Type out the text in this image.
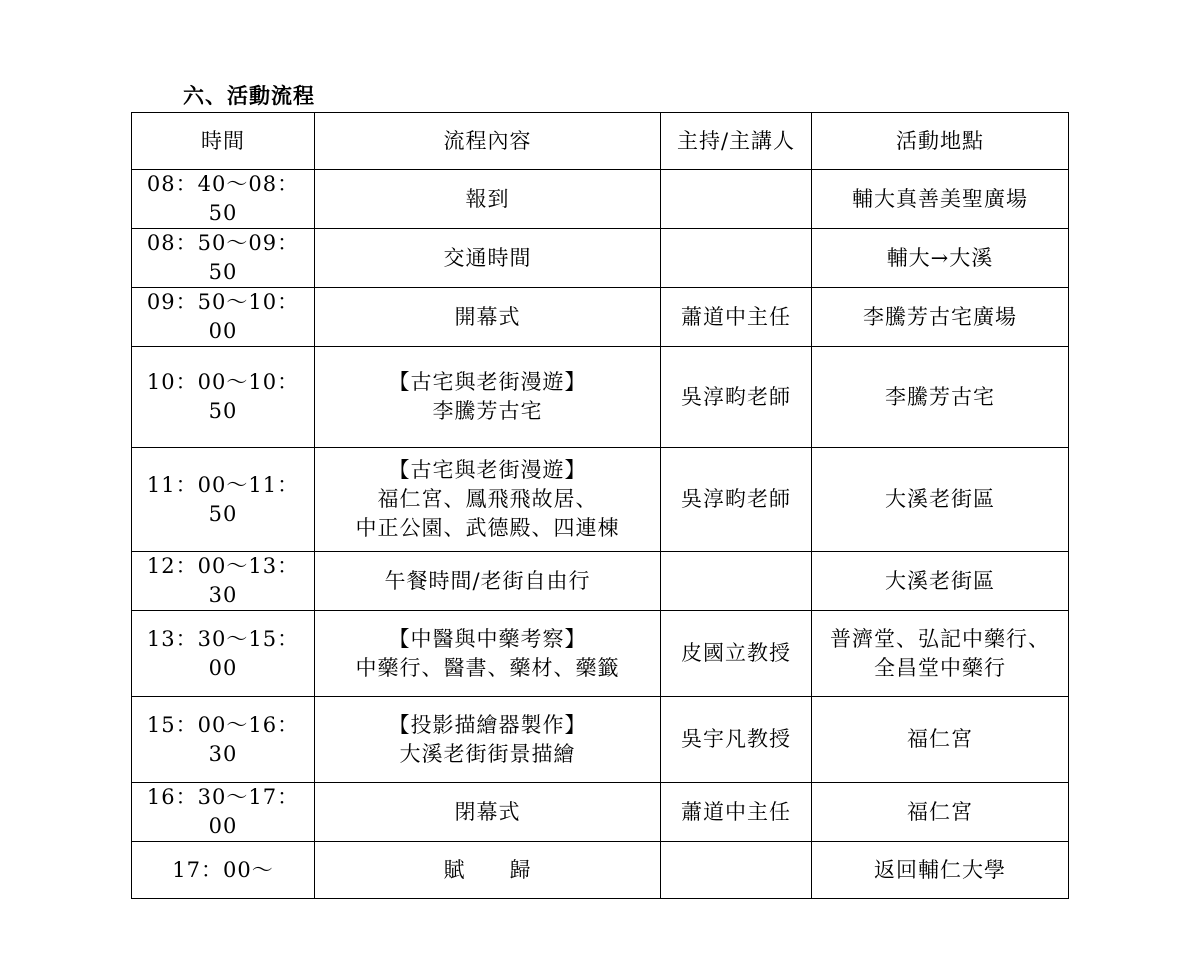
六、活動流程
時間	流程內容	主持/主講人	活動地點
08：40～08：50	報到		輔大真善美聖廣場

08：50～09：50	交通時間		輔大→大溪

09：50～10：00	開幕式	蕭道中主任	李騰芳古宅廣場

10：00～10：50	【古宅與老街漫遊】
李騰芳古宅	吳淳畇老師	李騰芳古宅

11：00～11：50	【古宅與老街漫遊】
福仁宮、鳳飛飛故居、
中正公園、武德殿、四連棟	吳淳畇老師	大溪老街區

12：00～13：30	午餐時間/老街自由行		大溪老街區

13：30～15：00	【中醫與中藥考察】
中藥行、醫書、藥材、藥籤	皮國立教授	普濟堂、弘記中藥行、
全昌堂中藥行

15：00～16：30	【投影描繪器製作】
大溪老街街景描繪	吳宇凡教授	福仁宮

16：30～17：00	閉幕式	蕭道中主任	福仁宮

17：00～	賦　　歸		返回輔仁大學
